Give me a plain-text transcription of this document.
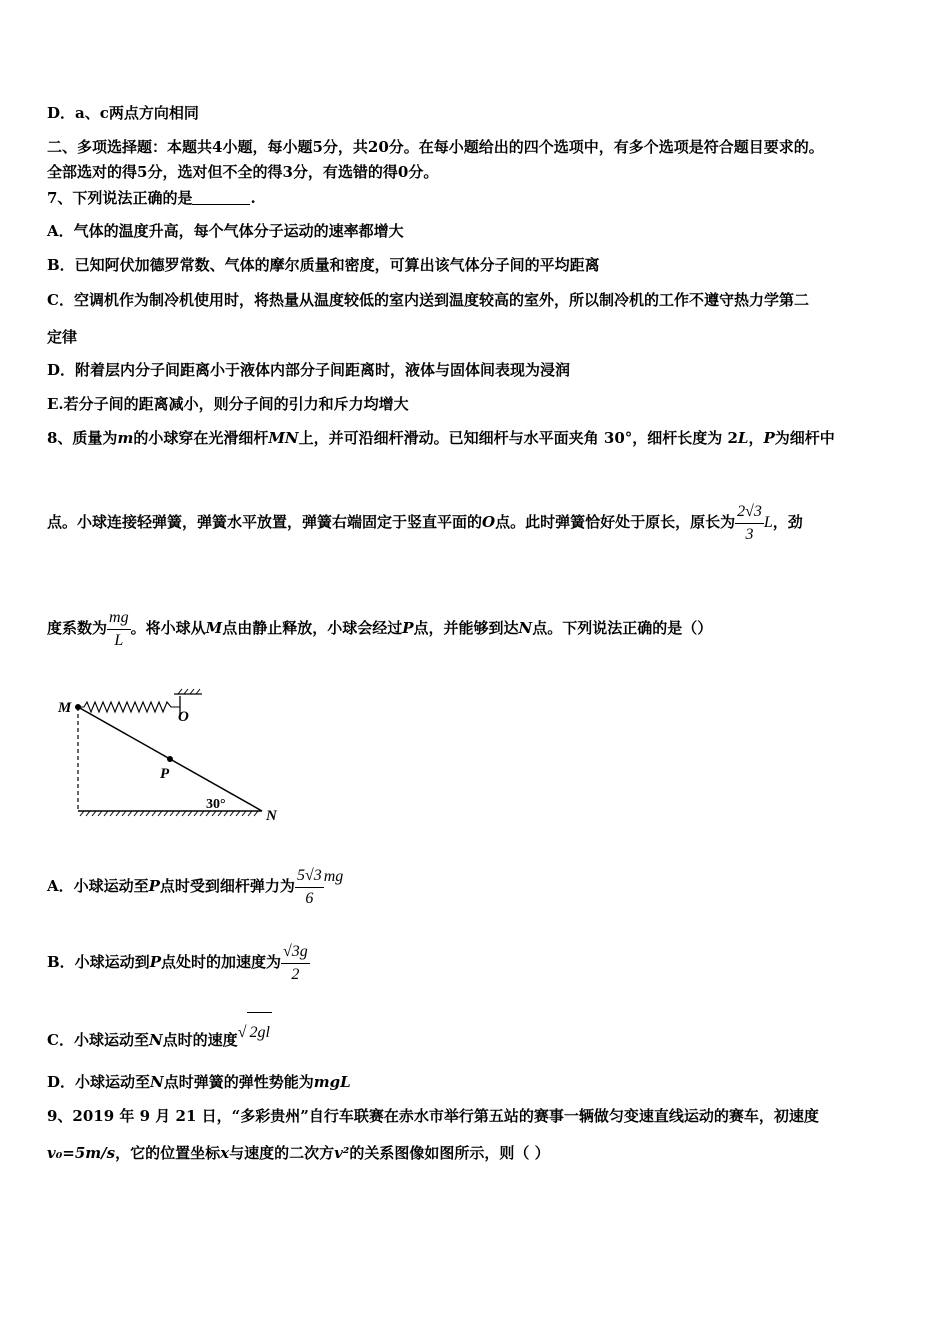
D．a、c两点方向相同
二、多项选择题：本题共4小题，每小题5分，共20分。在每小题给出的四个选项中，有多个选项是符合题目要求的。
全部选对的得5分，选对但不全的得3分，有选错的得0分。
7、下列说法正确的是	.
A．气体的温度升高，每个气体分子运动的速率都增大
B．已知阿伏加德罗常数、气体的摩尔质量和密度，可算出该气体分子间的平均距离
C．空调机作为制冷机使用时，将热量从温度较低的室内送到温度较高的室外，所以制冷机的工作不遵守热力学第二
定律
D．附着层内分子间距离小于液体内部分子间距离时，液体与固体间表现为浸润
E.若分子间的距离减小，则分子间的引力和斥力均增大
8、质量为m的小球穿在光滑细杆MN上，并可沿细杆滑动。已知细杆与水平面夹角 30°，细杆长度为 2L，P为细杆中
点。小球连接轻弹簧，弹簧水平放置，弹簧右端固定于竖直平面的O点。此时弹簧恰好处于原长，原长为 $\frac{2√3}{3}$ L，劲
度系数为 $\frac{mg}{L}$ 。将小球从M点由静止释放，小球会经过P点，并能够到达N点。下列说法正确的是（）
M
O
P
N
30°
A．小球运动至P点时受到细杆弹力为 $\frac{5√3}{6}$ mg
B．小球运动到P点处时的加速度为 $\frac{√3g}{2}$
C．小球运动至N点时的速度√ 2gl
D．小球运动至N点时弹簧的弹性势能为mgL
9、2019 年 9 月 21 日，“多彩贵州”自行车联赛在赤水市举行第五站的赛事一辆做匀变速直线运动的赛车，初速度
v₀=5m/s，它的位置坐标x与速度的二次方v²的关系图像如图所示，则（ ）
